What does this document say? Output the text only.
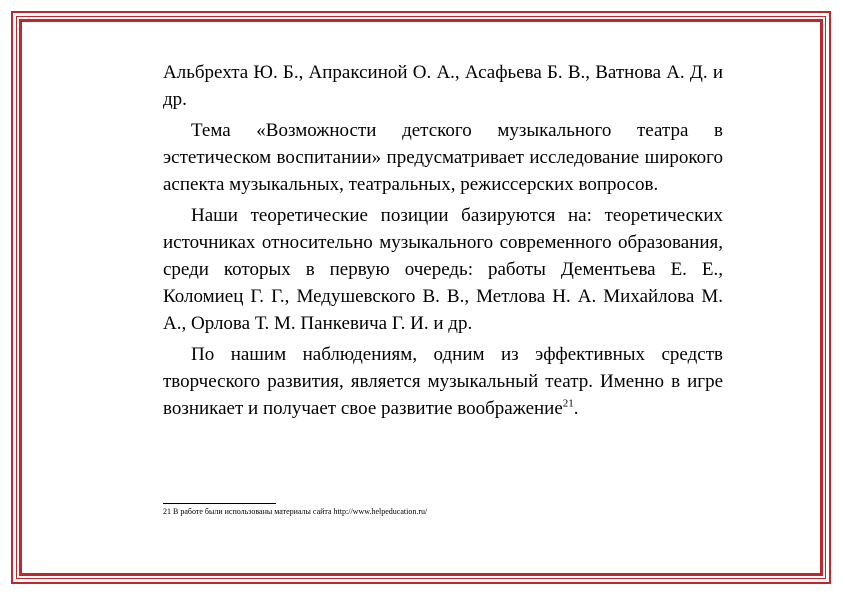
Альбрехта Ю. Б., Апраксиной О. А., Асафьева Б. В., Ватнова А. Д. и др.

Тема «Возможности детского музыкального театра в эстетическом воспитании» предусматривает исследование широкого аспекта музыкальных, театральных, режиссерских вопросов.

Наши теоретические позиции базируются на: теоретических источниках относительно музыкального современного образования, среди которых в первую очередь: работы Дементьева Е. Е., Коломиец Г. Г., Медушевского В. В., Метлова Н. А. Михайлова М. А., Орлова Т. М. Панкевича Г. И. и др.

По нашим наблюдениям, одним из эффективных средств творческого развития, является музыкальный театр. Именно в игре возникает и получает свое развитие воображение$^{21}$.

21 В работе были использованы материалы сайта http://www.helpeducation.ru/
